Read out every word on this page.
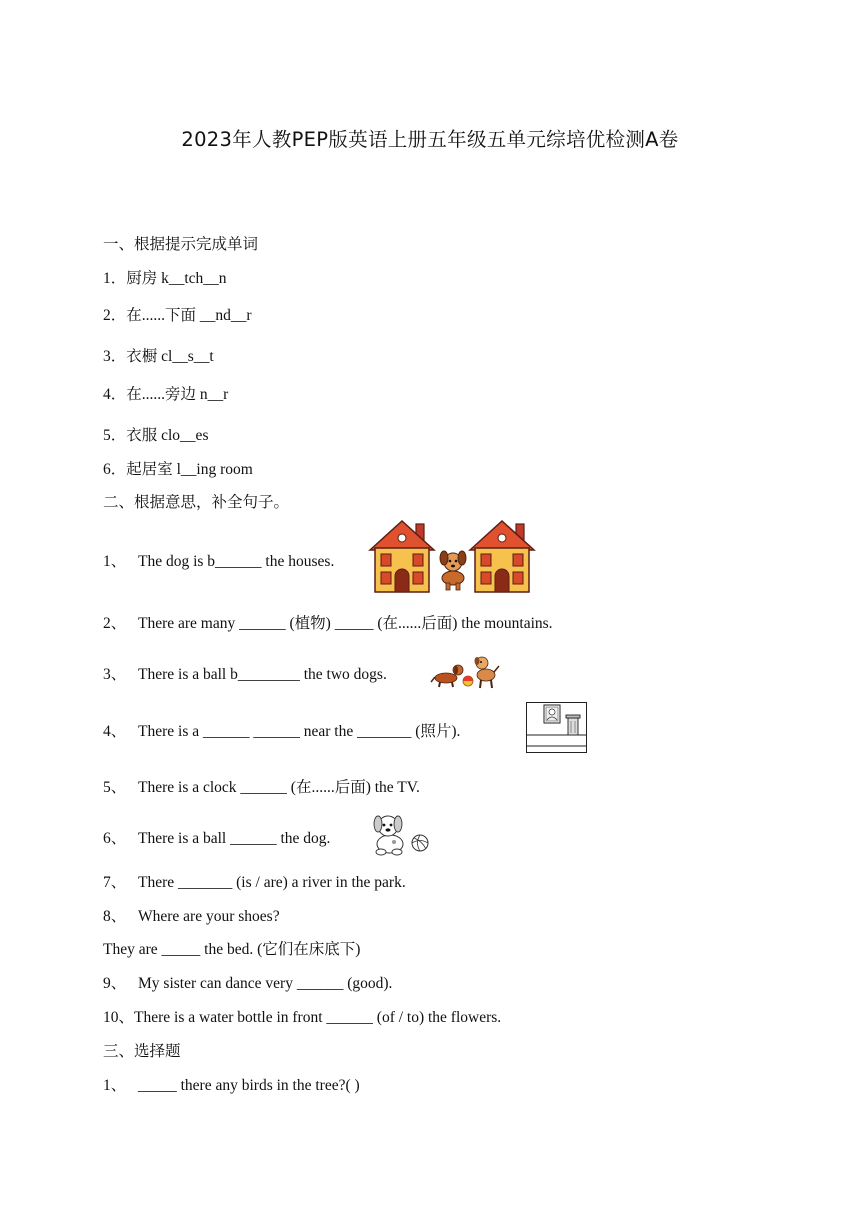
2023年人教PEP版英语上册五年级五单元综培优检测A卷
一、根据提示完成单词
1．厨房 k__tch__n
2．在......下面 __nd__r
3．衣橱 cl__s__t
4．在......旁边 n__r
5．衣服 clo__es
6．起居室 l__ing room
二、根据意思，补全句子。
1、 The dog is b______ the houses.
2、 There are many ______ (植物) _____ (在......后面) the mountains.
3、 There is a ball b________ the two dogs.
4、 There is a ______ ______ near the _______ (照片).
5、 There is a clock ______ (在......后面) the TV.
6、 There is a ball ______ the dog.
7、 There _______ (is / are) a river in the park.
8、 Where are your shoes?
They are _____ the bed. (它们在床底下)
9、 My sister can dance very ______ (good).
10、There is a water bottle in front ______ (of / to) the flowers.
三、选择题
1、 _____ there any birds in the tree?( )
